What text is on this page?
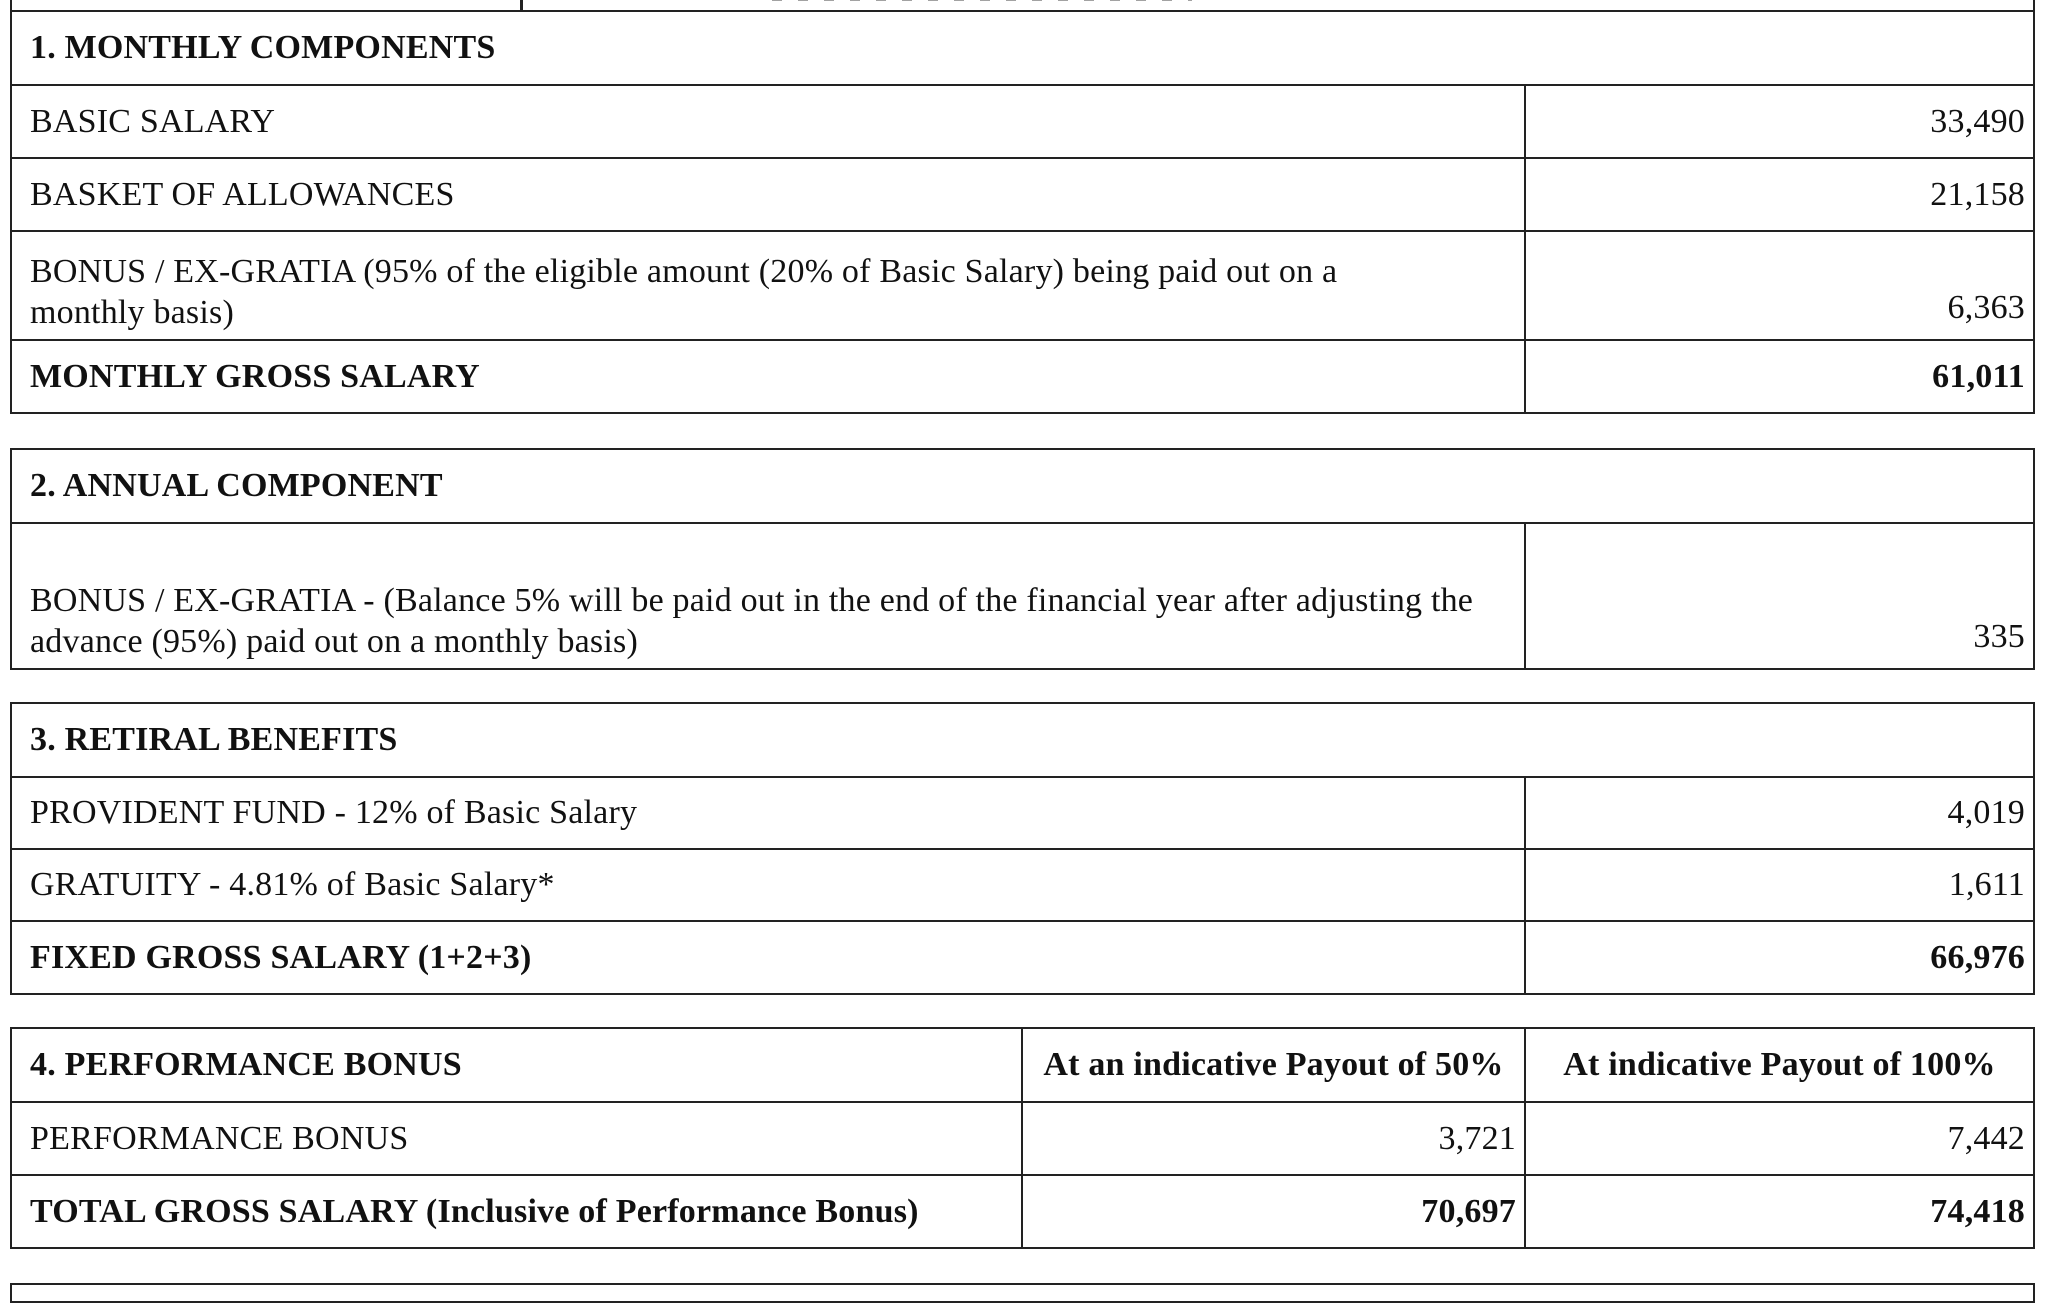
1. MONTHLY COMPONENTS	
BASIC SALARY	33,490
BASKET OF ALLOWANCES	21,158
BONUS / EX-GRATIA (95% of the eligible amount (20% of Basic Salary) being paid out on a monthly basis)	6,363
MONTHLY GROSS SALARY	61,011
2. ANNUAL COMPONENT
BONUS / EX-GRATIA - (Balance 5% will be paid out in the end of the financial year after adjusting the advance (95%) paid out on a monthly basis)	335
3. RETIRAL BENEFITS	
PROVIDENT FUND - 12% of Basic Salary	4,019
GRATUITY - 4.81% of Basic Salary*	1,611
FIXED GROSS SALARY (1+2+3)	66,976
4. PERFORMANCE BONUS	At an indicative Payout of 50%	At indicative Payout of 100%
PERFORMANCE BONUS	3,721	7,442
TOTAL GROSS SALARY (Inclusive of Performance Bonus)	70,697	74,418
